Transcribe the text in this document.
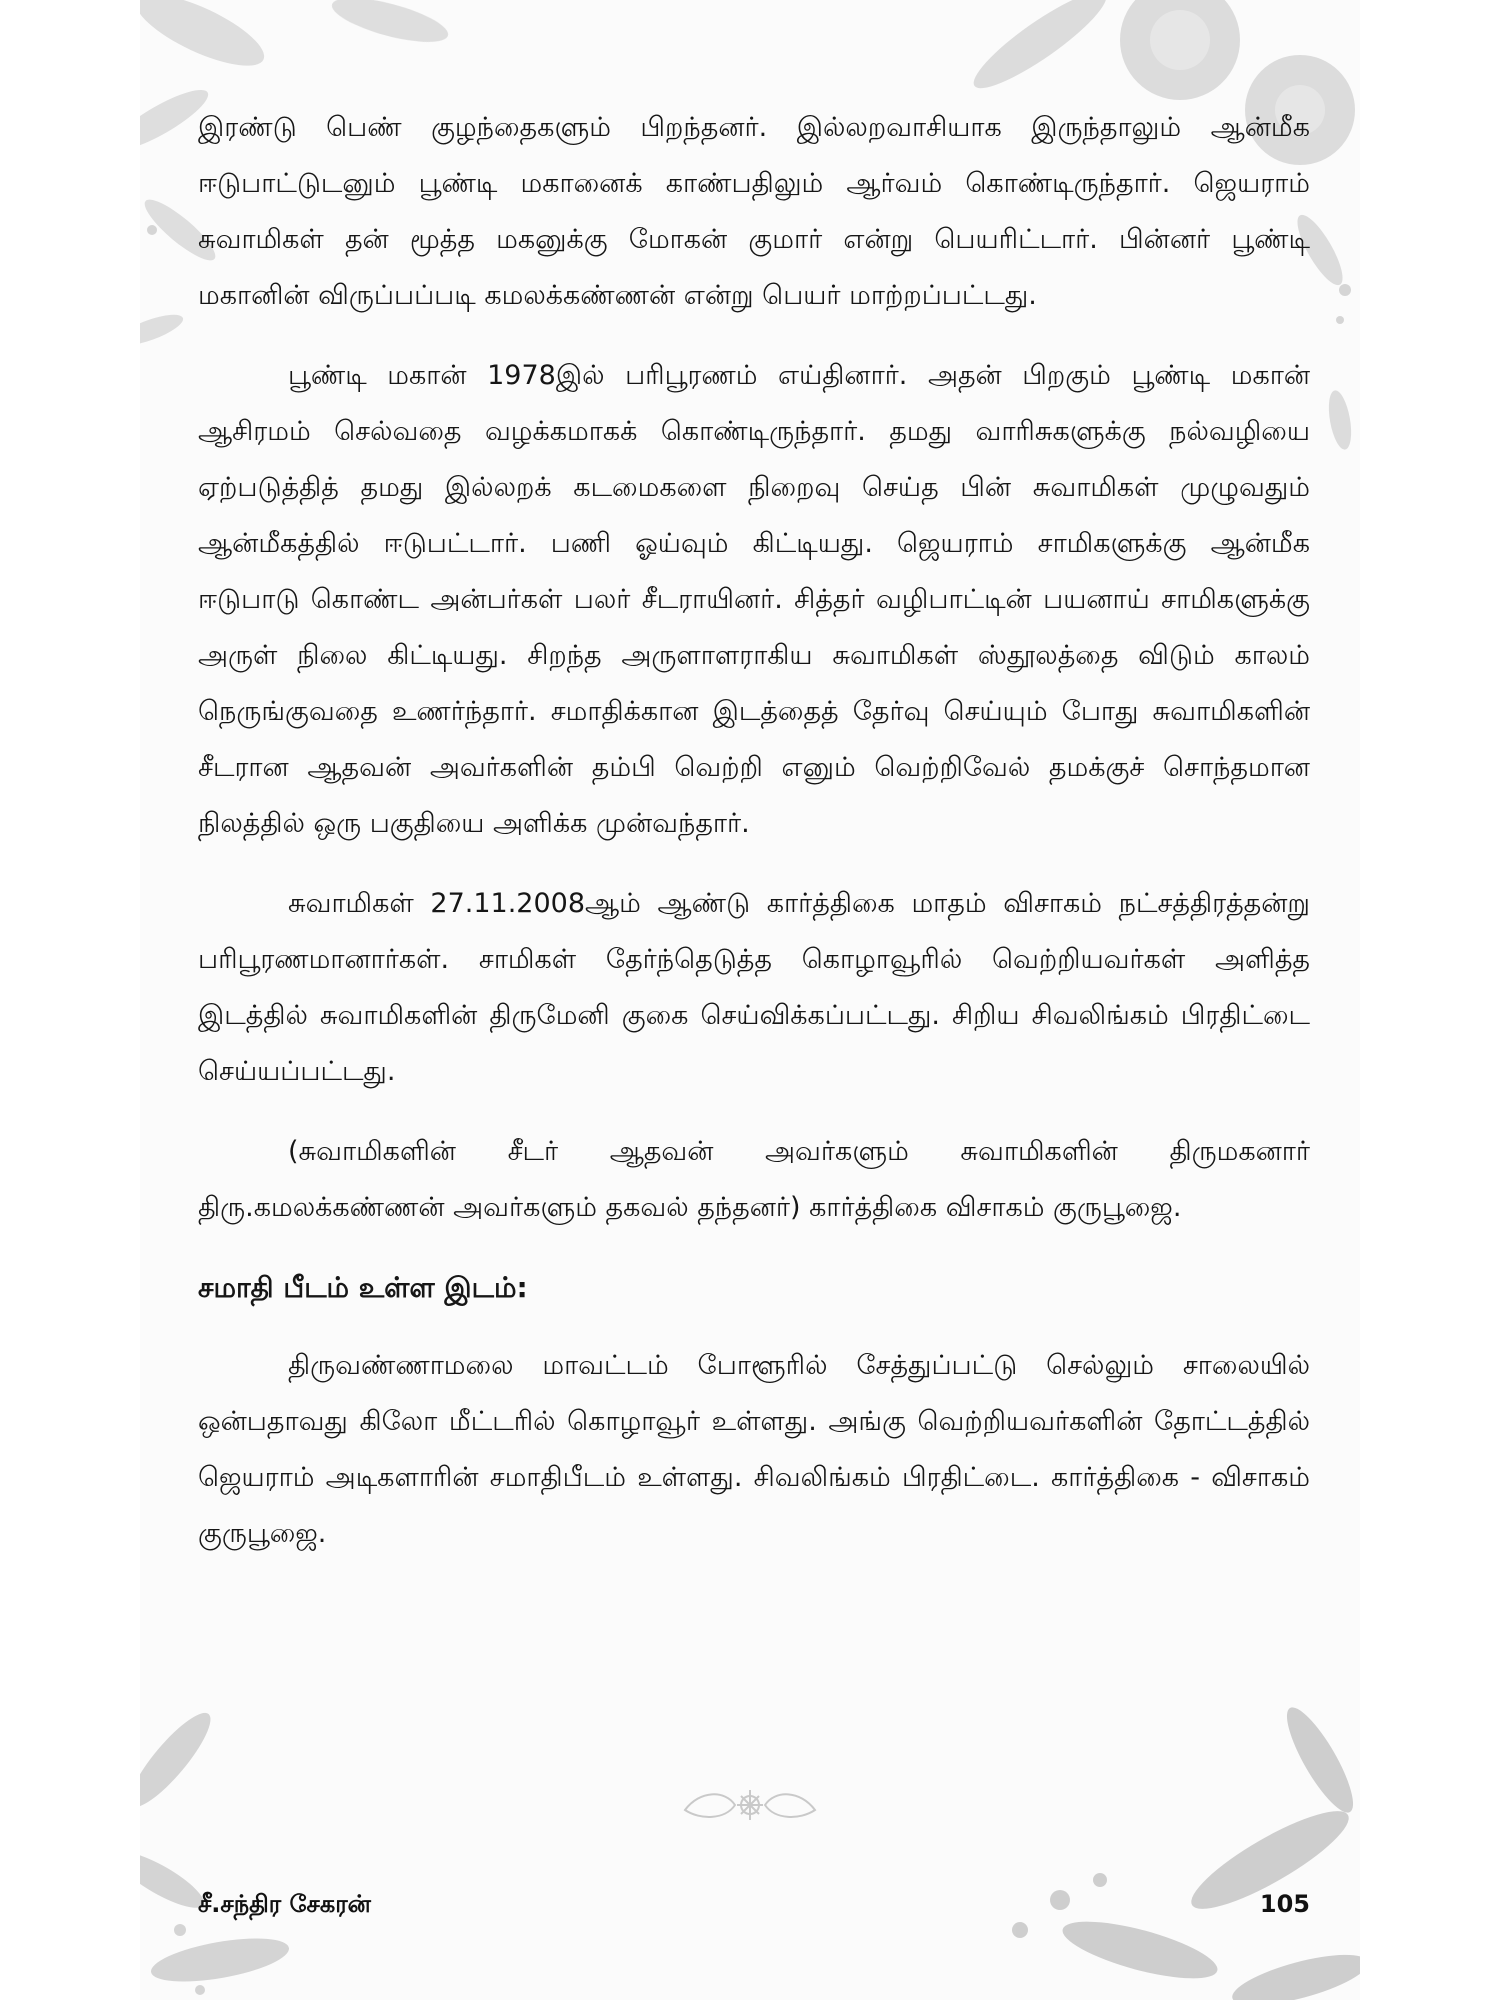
இரண்டு பெண் குழந்தைகளும் பிறந்தனர். இல்லறவாசியாக இருந்தாலும் ஆன்மீக ஈடுபாட்டுடனும் பூண்டி மகானைக் காண்பதிலும் ஆர்வம் கொண்டிருந்தார். ஜெயராம் சுவாமிகள் தன் மூத்த மகனுக்கு மோகன் குமார் என்று பெயரிட்டார். பின்னர் பூண்டி மகானின் விருப்பப்படி கமலக்கண்ணன் என்று பெயர் மாற்றப்பட்டது.

பூண்டி மகான் 1978இல் பரிபூரணம் எய்தினார். அதன் பிறகும் பூண்டி மகான் ஆசிரமம் செல்வதை வழக்கமாகக் கொண்டிருந்தார். தமது வாரிசுகளுக்கு நல்வழியை ஏற்படுத்தித் தமது இல்லறக் கடமைகளை நிறைவு செய்த பின் சுவாமிகள் முழுவதும் ஆன்மீகத்தில் ஈடுபட்டார். பணி ஓய்வும் கிட்டியது. ஜெயராம் சாமிகளுக்கு ஆன்மீக ஈடுபாடு கொண்ட அன்பர்கள் பலர் சீடராயினர். சித்தர் வழிபாட்டின் பயனாய் சாமிகளுக்கு அருள் நிலை கிட்டியது. சிறந்த அருளாளராகிய சுவாமிகள் ஸ்தூலத்தை விடும் காலம் நெருங்குவதை உணர்ந்தார். சமாதிக்கான இடத்தைத் தேர்வு செய்யும் போது சுவாமிகளின் சீடரான ஆதவன் அவர்களின் தம்பி வெற்றி எனும் வெற்றிவேல் தமக்குச் சொந்தமான நிலத்தில் ஒரு பகுதியை அளிக்க முன்வந்தார்.

சுவாமிகள் 27.11.2008ஆம் ஆண்டு கார்த்திகை மாதம் விசாகம் நட்சத்திரத்தன்று பரிபூரணமானார்கள். சாமிகள் தேர்ந்தெடுத்த கொழாவூரில் வெற்றியவர்கள் அளித்த இடத்தில் சுவாமிகளின் திருமேனி குகை செய்விக்கப்பட்டது. சிறிய சிவலிங்கம் பிரதிட்டை செய்யப்பட்டது.

(சுவாமிகளின் சீடர் ஆதவன் அவர்களும் சுவாமிகளின் திருமகனார் திரு.கமலக்கண்ணன் அவர்களும் தகவல் தந்தனர்) கார்த்திகை விசாகம் குருபூஜை.

சமாதி பீடம் உள்ள இடம்:

திருவண்ணாமலை மாவட்டம் போளூரில் சேத்துப்பட்டு செல்லும் சாலையில் ஒன்பதாவது கிலோ மீட்டரில் கொழாவூர் உள்ளது. அங்கு வெற்றியவர்களின் தோட்டத்தில் ஜெயராம் அடிகளாரின் சமாதிபீடம் உள்ளது. சிவலிங்கம் பிரதிட்டை. கார்த்திகை - விசாகம் குருபூஜை.

சீ.சந்திர சேகரன்	105
